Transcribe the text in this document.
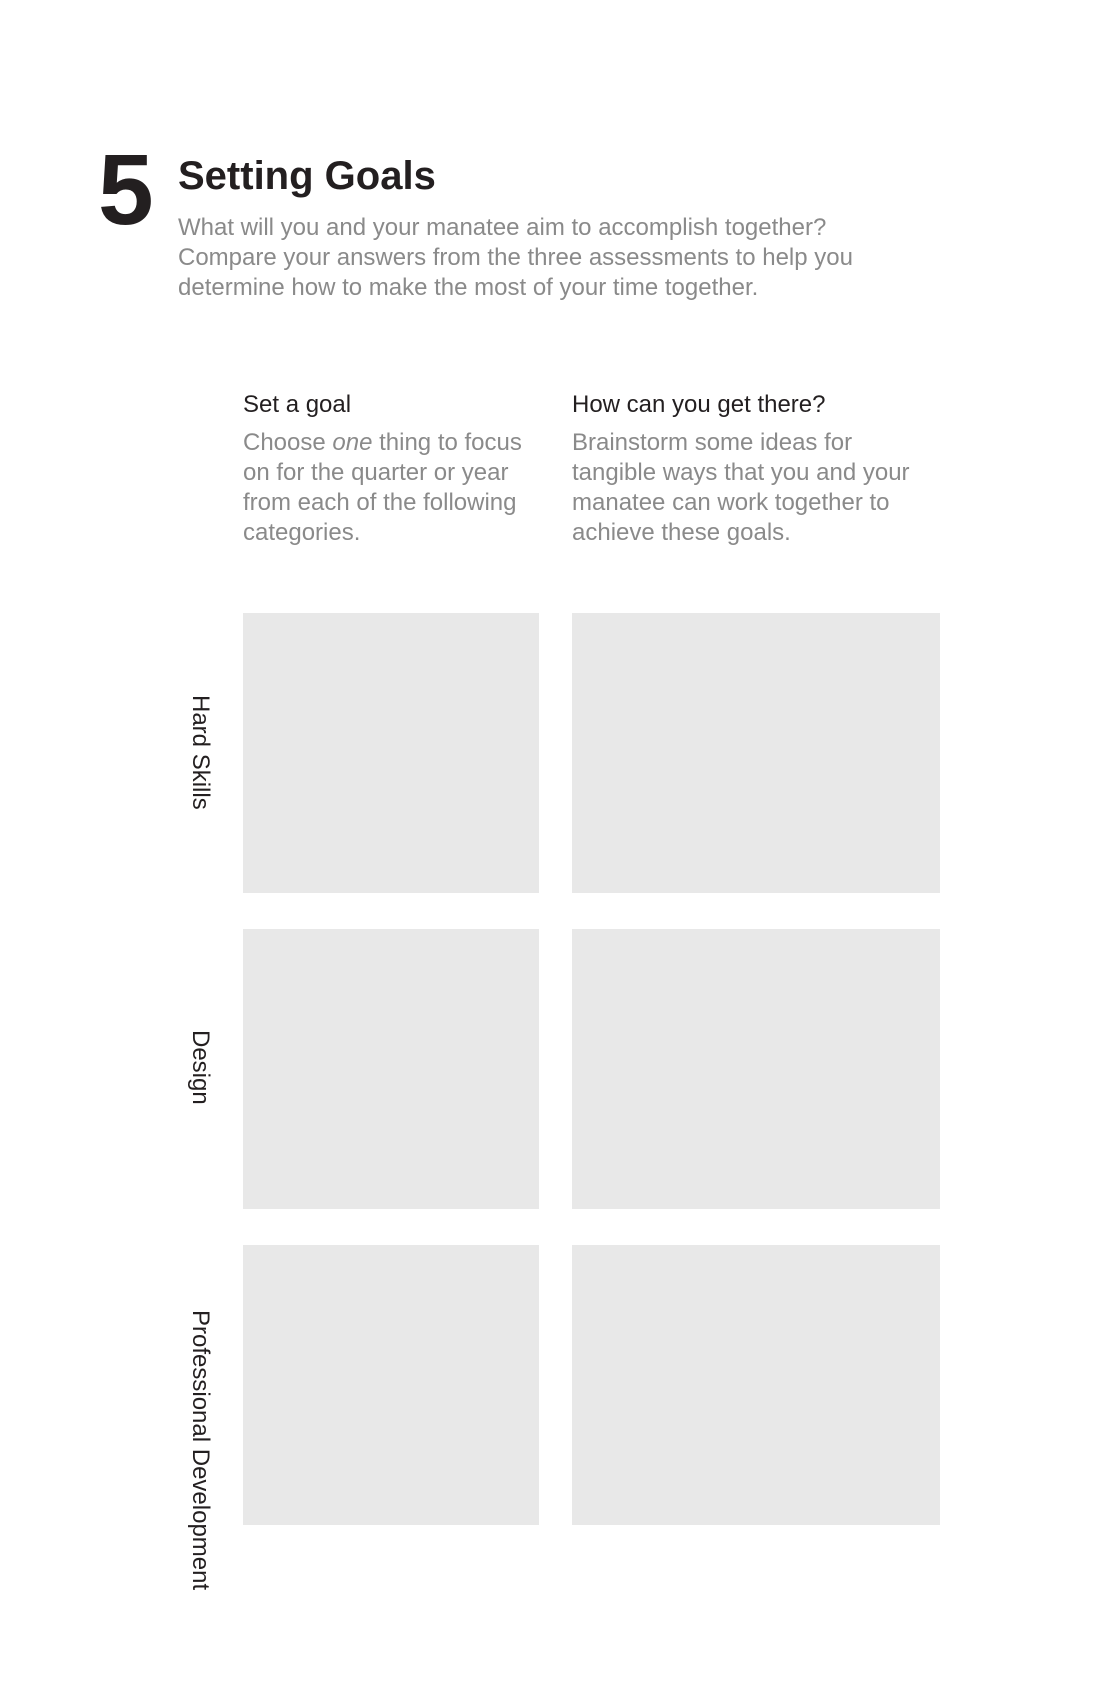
5 Setting Goals

What will you and your manatee aim to accomplish together? Compare your answers from the three assessments to help you determine how to make the most of your time together.

Set a goal

Choose one thing to focus on for the quarter or year from each of the following categories.

How can you get there?

Brainstorm some ideas for tangible ways that you and your manatee can work together to achieve these goals.

Hard Skills
Design
Professional Development
